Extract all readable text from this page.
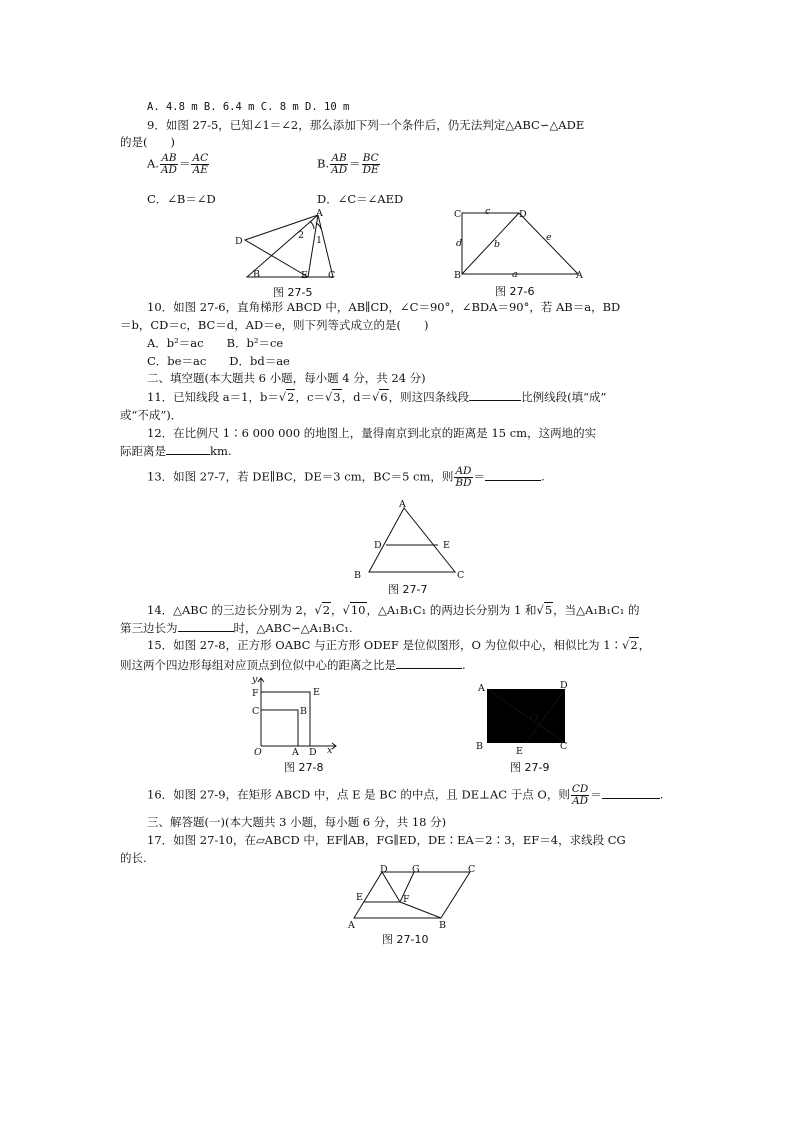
A. 4.8 m B. 6.4 m C. 8 m D. 10 m
9．如图 27-5，已知∠1＝∠2，那么添加下列一个条件后，仍无法判定△ABC∽△ADE
的是(　　)
A. $\frac{AB}{AD} = \frac{AC}{AE}$	B. $\frac{AB}{AD} = \frac{BC}{DE}$
C．∠B＝∠D	D．∠C＝∠AED
A
D
2 1
B	E C
图 27-5
C c	D
d	b
e
B	a	A
图 27-6
10．如图 27-6，直角梯形 ABCD 中，AB∥CD，∠C＝90°，∠BDA＝90°，若 AB＝a，BD
＝b，CD＝c，BC＝d，AD＝e，则下列等式成立的是(　　)
A．b²＝ac　　B．b²＝ce
C．be＝ac　　D．bd＝ae
二、填空题(本大题共 6 小题，每小题 4 分，共 24 分)
11．已知线段 a＝1，b＝√2，c＝√3，d＝√6，则这四条线段	比例线段(填“成”
或“不成”)．
12．在比例尺 1∶6 000 000 的地图上，量得南京到北京的距离是 15 cm，这两地的实
际距离是	km.
13．如图 27-7，若 DE∥BC，DE＝3 cm，BC＝5 cm，则 $\frac{AD}{BD}$ ＝	.
A
D	E
B	C
图 27-7
14．△ABC 的三边长分别为 2，√2，√10，△A₁B₁C₁ 的两边长分别为 1 和√5，当△A₁B₁C₁ 的
第三边长为	时，△ABC∽△A₁B₁C₁.
15．如图 27-8，正方形 OABC 与正方形 ODEF 是位似图形，O 为位似中心，相似比为 1∶√2，
则这两个四边形每组对应顶点到位似中心的距离之比是	.
y
F	E
C	B
O	A D x
图 27-8
A	D
O
B	E	C
图 27-9
16．如图 27-9，在矩形 ABCD 中，点 E 是 BC 的中点，且 DE⊥AC 于点 O，则 $\frac{CD}{AD}$ ＝	.
三、解答题(一)(本大题共 3 小题，每小题 6 分，共 18 分)
17．如图 27-10，在▱ABCD 中，EF∥AB，FG∥ED，DE∶EA＝2∶3，EF＝4，求线段 CG
的长.
D	G	C
E	F
A	B
图 27-10
